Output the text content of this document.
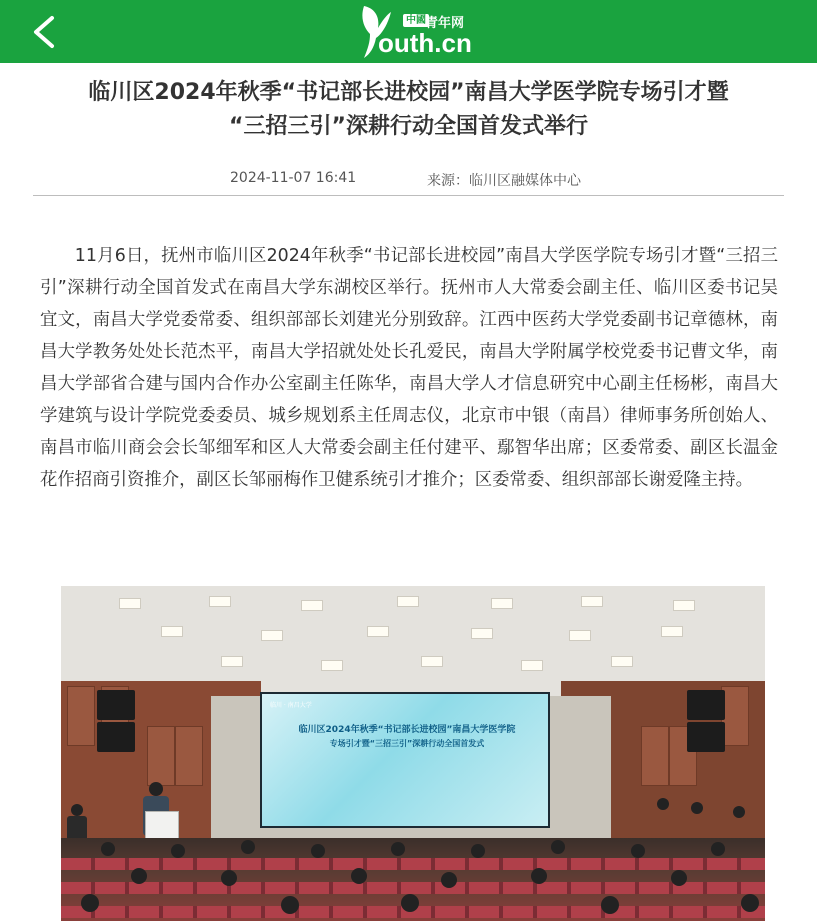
中國 青年网
outh.cn
临川区2024年秋季“书记部长进校园”南昌大学医学院专场引才暨
“三招三引”深耕行动全国首发式举行
2024-11-07 16:41	来源：临川区融媒体中心

11月6日，抚州市临川区2024年秋季“书记部长进校园”南昌大学医学院专场引才暨“三招三引”深耕行动全国首发式在南昌大学东湖校区举行。抚州市人大常委会副主任、临川区委书记吴宜文，南昌大学党委常委、组织部部长刘建光分别致辞。江西中医药大学党委副书记章德林，南昌大学教务处处长范杰平，南昌大学招就处处长孔爱民，南昌大学附属学校党委书记曹文华，南昌大学部省合建与国内合作办公室副主任陈华，南昌大学人才信息研究中心副主任杨彬，南昌大学建筑与设计学院党委委员、城乡规划系主任周志仪，北京市中银（南昌）律师事务所创始人、南昌市临川商会会长邹细军和区人大常委会副主任付建平、鄢智华出席；区委常委、副区长温金花作招商引资推介，副区长邹丽梅作卫健系统引才推介；区委常委、组织部部长谢爱隆主持。

临川 · 南昌大学
临川区2024年秋季“书记部长进校园”南昌大学医学院
专场引才暨“三招三引”深耕行动全国首发式
